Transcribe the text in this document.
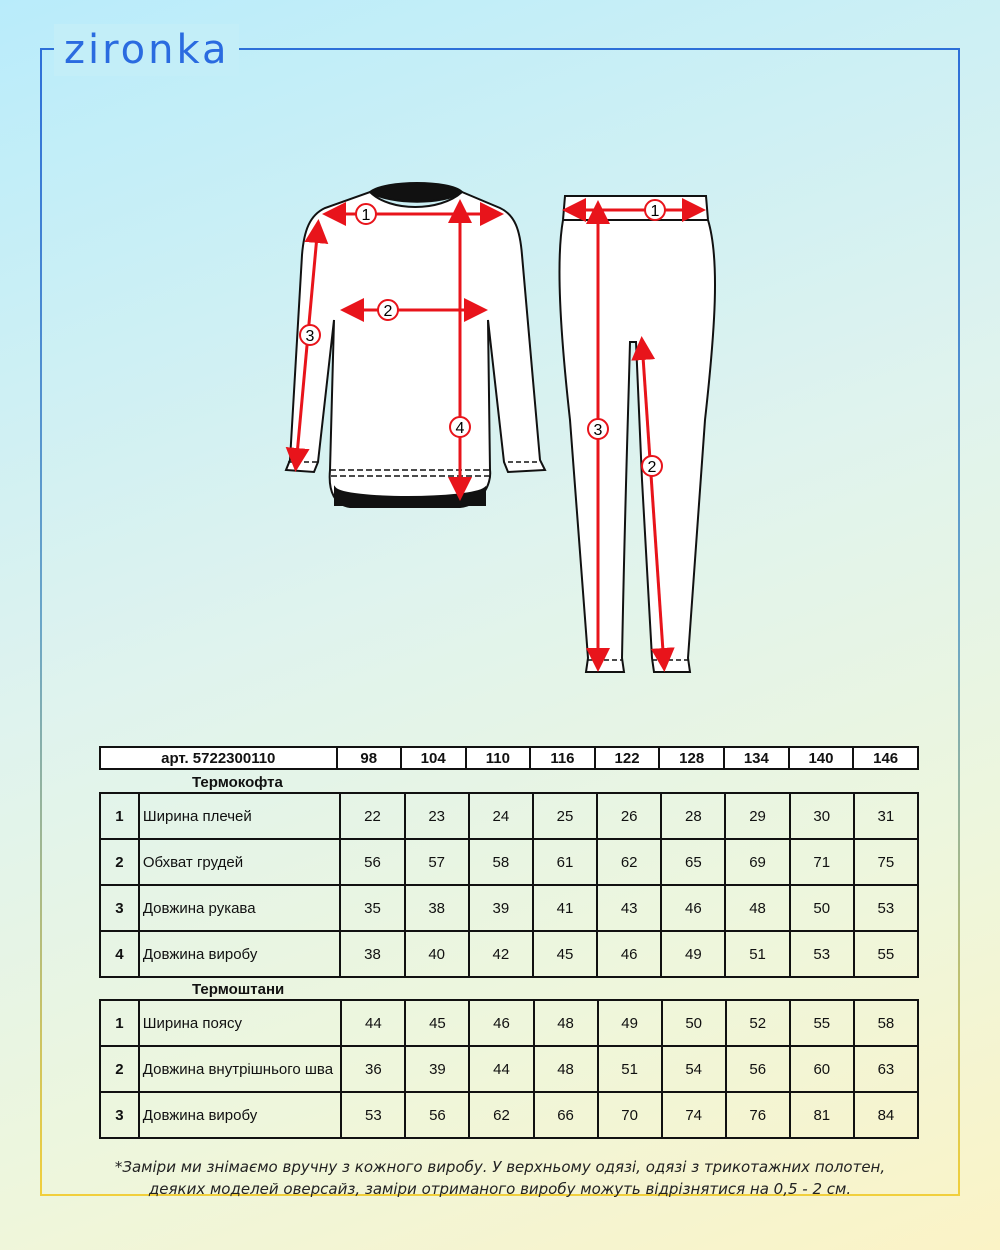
zironka
1
2
3
4
1
2
3
арт. 5722300110	98	104	110	116	122	128	134	140	146
Термокофта
1	Ширина плечей	22	23	24	25	26	28	29	30	31
2	Обхват грудей	56	57	58	61	62	65	69	71	75
3	Довжина рукава	35	38	39	41	43	46	48	50	53
4	Довжина виробу	38	40	42	45	46	49	51	53	55
Термоштани
1	Ширина поясу	44	45	46	48	49	50	52	55	58
2	Довжина внутрішнього шва	36	39	44	48	51	54	56	60	63
3	Довжина виробу	53	56	62	66	70	74	76	81	84
*Заміри ми знімаємо вручну з кожного виробу. У верхньому одязі, одязі з трикотажних полотен,
деяких моделей оверсайз, заміри отриманого виробу можуть відрізнятися на 0,5 - 2 см.
